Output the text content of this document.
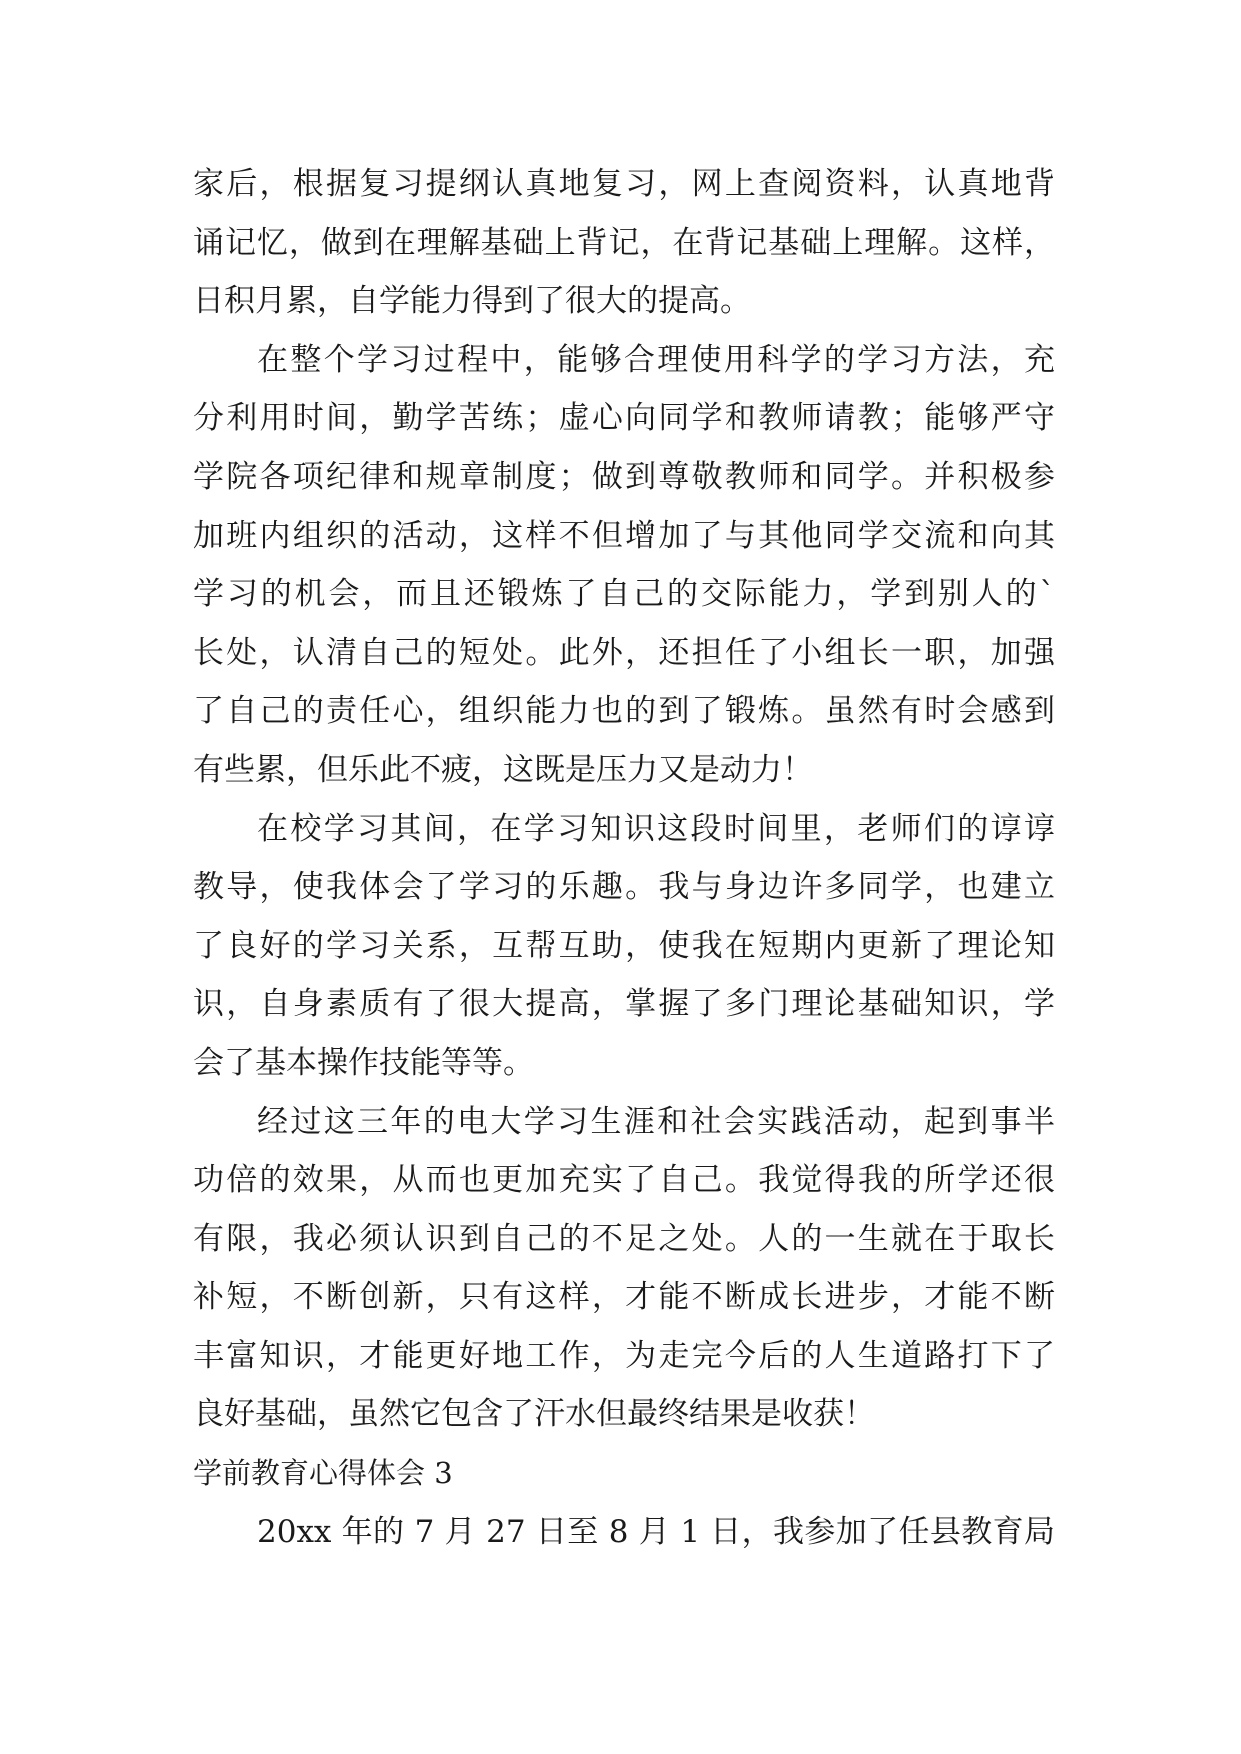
家后，根据复习提纲认真地复习，网上查阅资料，认真地背
诵记忆，做到在理解基础上背记，在背记基础上理解。这样，
日积月累，自学能力得到了很大的提高。
在整个学习过程中，能够合理使用科学的学习方法，充
分利用时间，勤学苦练；虚心向同学和教师请教；能够严守
学院各项纪律和规章制度；做到尊敬教师和同学。并积极参
加班内组织的活动，这样不但增加了与其他同学交流和向其
学习的机会，而且还锻炼了自己的交际能力，学到别人的`
长处，认清自己的短处。此外，还担任了小组长一职，加强
了自己的责任心，组织能力也的到了锻炼。虽然有时会感到
有些累，但乐此不疲，这既是压力又是动力！
在校学习其间，在学习知识这段时间里，老师们的谆谆
教导，使我体会了学习的乐趣。我与身边许多同学，也建立
了良好的学习关系，互帮互助，使我在短期内更新了理论知
识，自身素质有了很大提高，掌握了多门理论基础知识，学
会了基本操作技能等等。
经过这三年的电大学习生涯和社会实践活动，起到事半
功倍的效果，从而也更加充实了自己。我觉得我的所学还很
有限，我必须认识到自己的不足之处。人的一生就在于取长
补短，不断创新，只有这样，才能不断成长进步，才能不断
丰富知识，才能更好地工作，为走完今后的人生道路打下了
良好基础，虽然它包含了汗水但最终结果是收获！
学前教育心得体会 3
20xx 年的 7 月 27 日至 8 月 1 日，我参加了任县教育局
